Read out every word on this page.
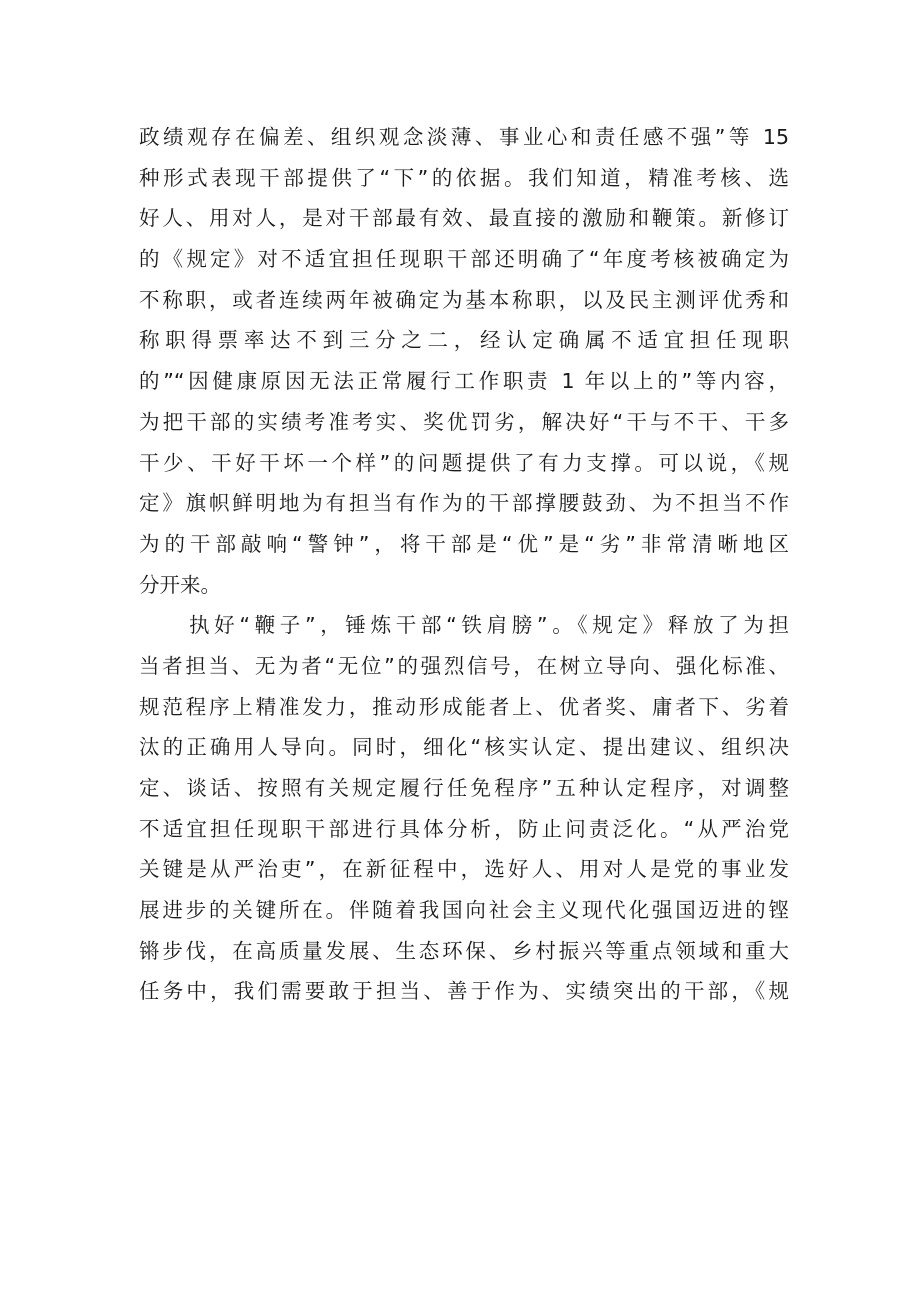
政绩观存在偏差、组织观念淡薄、事业心和责任感不强”等 15
种形式表现干部提供了“下”的依据。我们知道，精准考核、选
好人、用对人，是对干部最有效、最直接的激励和鞭策。新修订
的《规定》对不适宜担任现职干部还明确了“年度考核被确定为
不称职，或者连续两年被确定为基本称职，以及民主测评优秀和
称职得票率达不到三分之二，经认定确属不适宜担任现职
的”“因健康原因无法正常履行工作职责 1 年以上的”等内容，
为把干部的实绩考准考实、奖优罚劣，解决好“干与不干、干多
干少、干好干坏一个样”的问题提供了有力支撑。可以说，《规
定》旗帜鲜明地为有担当有作为的干部撑腰鼓劲、为不担当不作
为的干部敲响“警钟”，将干部是“优”是“劣”非常清晰地区
分开来。
执好“鞭子”，锤炼干部“铁肩膀”。《规定》释放了为担
当者担当、无为者“无位”的强烈信号，在树立导向、强化标准、
规范程序上精准发力，推动形成能者上、优者奖、庸者下、劣着
汰的正确用人导向。同时，细化“核实认定、提出建议、组织决
定、谈话、按照有关规定履行任免程序”五种认定程序，对调整
不适宜担任现职干部进行具体分析，防止问责泛化。“从严治党
关键是从严治吏”，在新征程中，选好人、用对人是党的事业发
展进步的关键所在。伴随着我国向社会主义现代化强国迈进的铿
锵步伐，在高质量发展、生态环保、乡村振兴等重点领域和重大
任务中，我们需要敢于担当、善于作为、实绩突出的干部，《规
